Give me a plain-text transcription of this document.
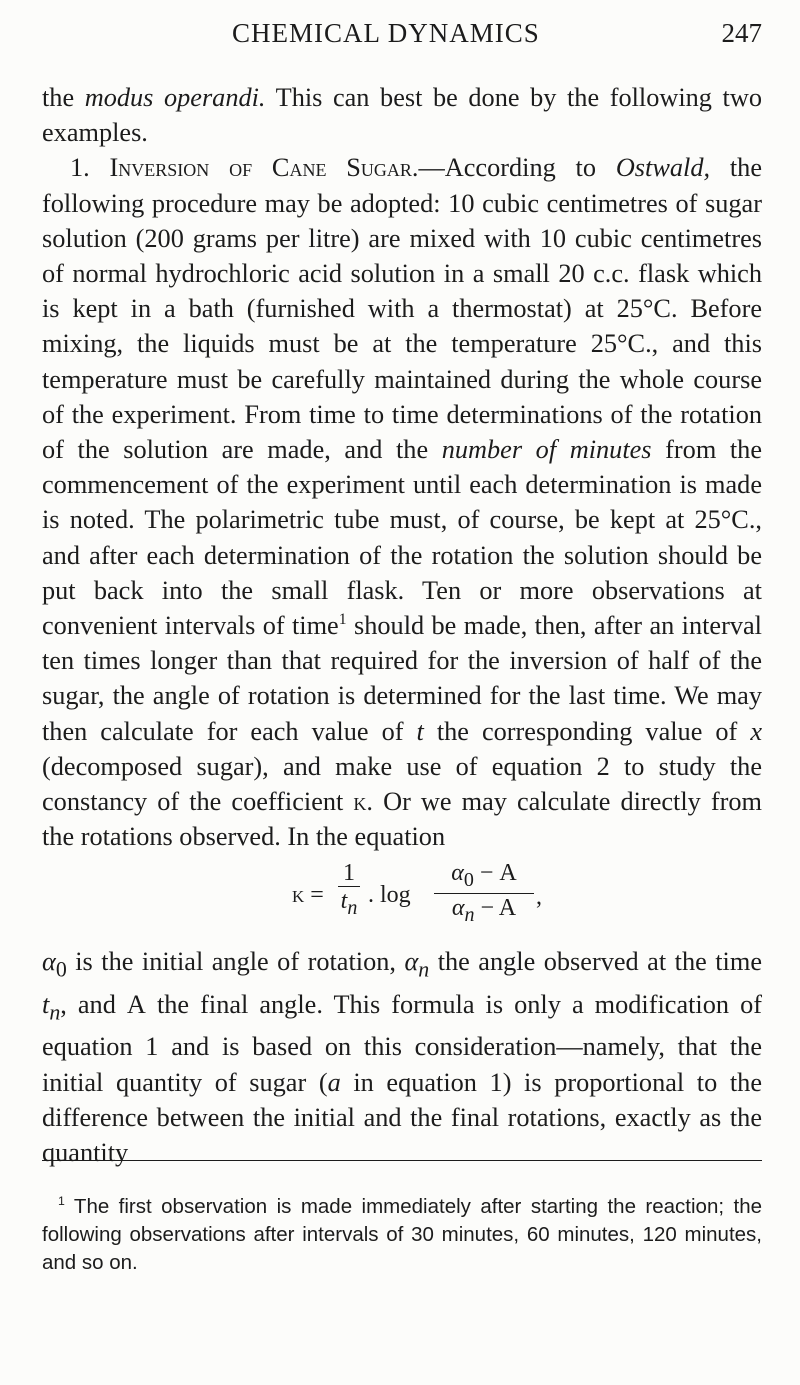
CHEMICAL DYNAMICS	247

the modus operandi. This can best be done by the following two examples.

1. Inversion of Cane Sugar.—According to Ostwald, the following procedure may be adopted: 10 cubic centimetres of sugar solution (200 grams per litre) are mixed with 10 cubic centimetres of normal hydrochloric acid solution in a small 20 c.c. flask which is kept in a bath (furnished with a thermostat) at 25°C. Before mixing, the liquids must be at the temperature 25°C., and this temperature must be carefully maintained during the whole course of the experiment. From time to time determinations of the rotation of the solution are made, and the number of minutes from the commencement of the experiment until each determination is made is noted. The polarimetric tube must, of course, be kept at 25°C., and after each determination of the rotation the solution should be put back into the small flask. Ten or more observations at convenient intervals of time$^1$ should be made, then, after an interval ten times longer than that required for the inversion of half of the sugar, the angle of rotation is determined for the last time. We may then calculate for each value of t the corresponding value of x (decomposed sugar), and make use of equation 2 to study the constancy of the coefficient k. Or we may calculate directly from the rotations observed. In the equation

$k = \frac{1}{t_n}$ . $\log \frac{\alpha_0 - A}{\alpha_n - A}$ ,

$\alpha_0$ is the initial angle of rotation, $\alpha_n$ the angle observed at the time $t_n$, and A the final angle. This formula is only a modification of equation 1 and is based on this consideration—namely, that the initial quantity of sugar (a in equation 1) is proportional to the difference between the initial and the final rotations, exactly as the quantity

$^1$ The first observation is made immediately after starting the reaction; the following observations after intervals of 30 minutes, 60 minutes, 120 minutes, and so on.
